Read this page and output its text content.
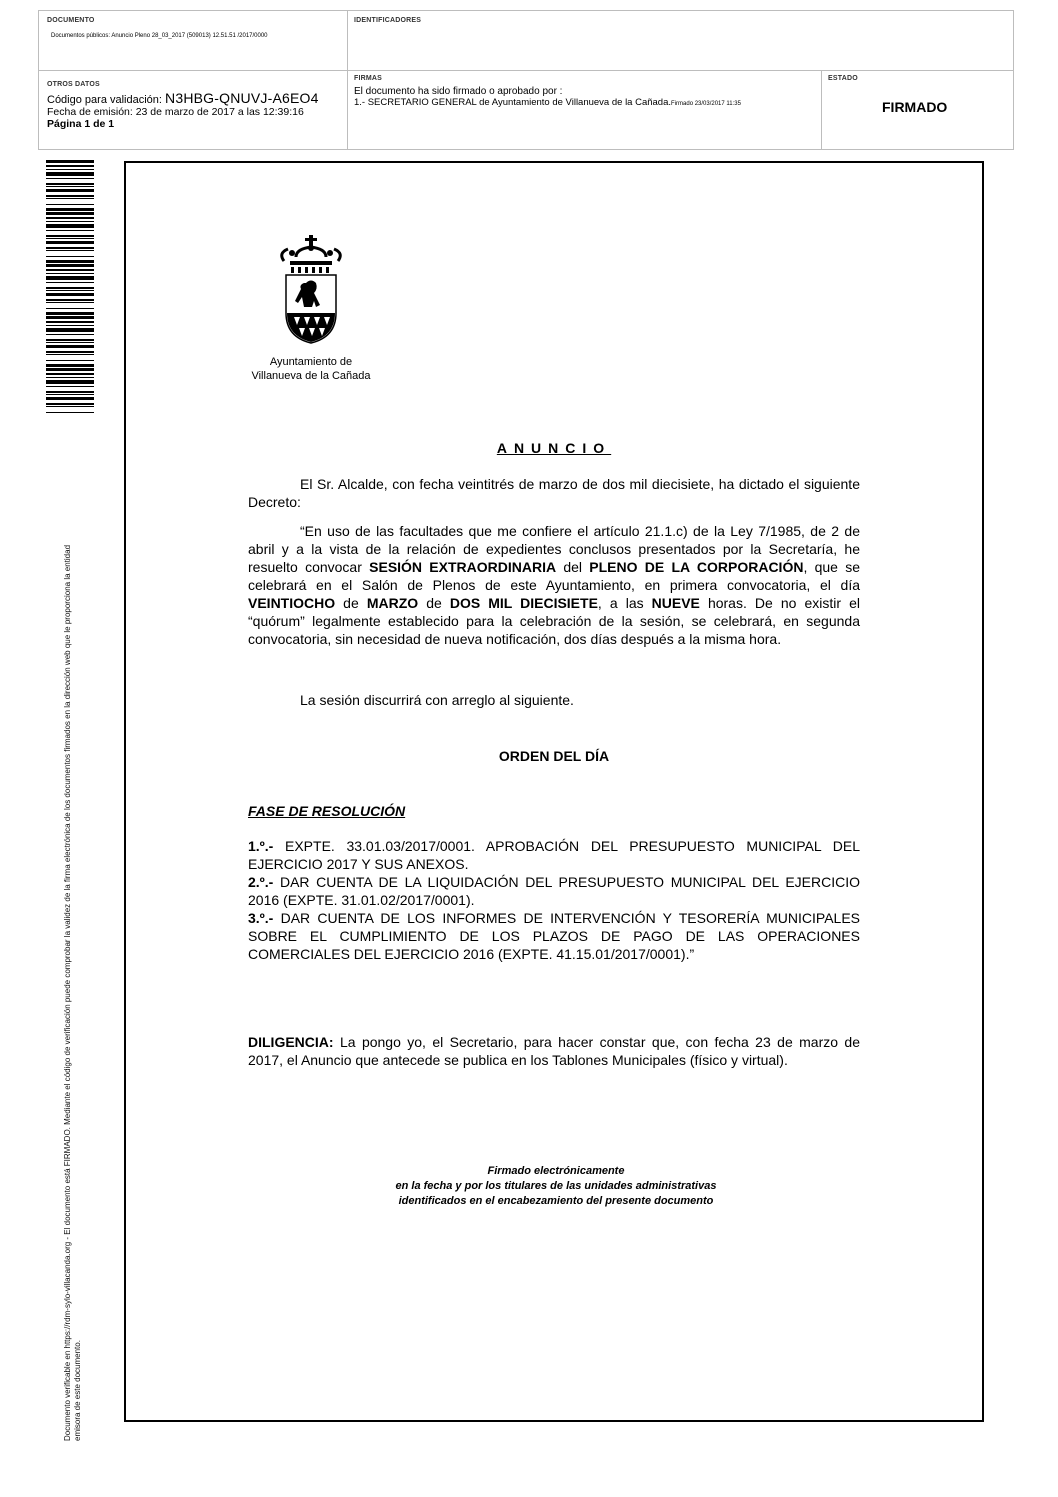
DOCUMENTO
Documentos públicos: Anuncio Pleno 28_03_2017 (509013) 12.51.51 /2017/0000
IDENTIFICADORES
OTROS DATOS
Código para validación: N3HBG-QNUVJ-A6EO4
Fecha de emisión: 23 de marzo de 2017 a las 12:39:16
Página 1 de 1
FIRMAS
El documento ha sido firmado o aprobado por :
1.- SECRETARIO GENERAL de Ayuntamiento de Villanueva de la Cañada.Firmado 23/03/2017 11:35
ESTADO
FIRMADO
Documento verificable en https://rdm-sylo-villacanda.org - El documento está FIRMADO. Mediante el código de verificación puede comprobar la validez de la firma electrónica de los documentos firmados en la dirección web que le proporciona la entidad emisora de este documento.
Ayuntamiento de
Villanueva de la Cañada
ANUNCIO

El Sr. Alcalde, con fecha veintitrés de marzo de dos mil diecisiete, ha dictado el siguiente Decreto:

“En uso de las facultades que me confiere el artículo 21.1.c) de la Ley 7/1985, de 2 de abril y a la vista de la relación de expedientes conclusos presentados por la Secretaría, he resuelto convocar SESIÓN EXTRAORDINARIA del PLENO DE LA CORPORACIÓN, que se celebrará en el Salón de Plenos de este Ayuntamiento, en primera convocatoria, el día VEINTIOCHO de MARZO de DOS MIL DIECISIETE, a las NUEVE horas. De no existir el “quórum” legalmente establecido para la celebración de la sesión, se celebrará, en segunda convocatoria, sin necesidad de nueva notificación, dos días después a la misma hora.

La sesión discurrirá con arreglo al siguiente.

ORDEN DEL DÍA
FASE DE RESOLUCIÓN

1.º.- EXPTE. 33.01.03/2017/0001. APROBACIÓN DEL PRESUPUESTO MUNICIPAL DEL EJERCICIO 2017 Y SUS ANEXOS.

2.º.- DAR CUENTA DE LA LIQUIDACIÓN DEL PRESUPUESTO MUNICIPAL DEL EJERCICIO 2016 (EXPTE. 31.01.02/2017/0001).

3.º.- DAR CUENTA DE LOS INFORMES DE INTERVENCIÓN Y TESORERÍA MUNICIPALES SOBRE EL CUMPLIMIENTO DE LOS PLAZOS DE PAGO DE LAS OPERACIONES COMERCIALES DEL EJERCICIO 2016 (EXPTE. 41.15.01/2017/0001).”

DILIGENCIA: La pongo yo, el Secretario, para hacer constar que, con fecha 23 de marzo de 2017, el Anuncio que antecede se publica en los Tablones Municipales (físico y virtual).

Firmado electrónicamente
en la fecha y por los titulares de las unidades administrativas
identificados en el encabezamiento del presente documento
